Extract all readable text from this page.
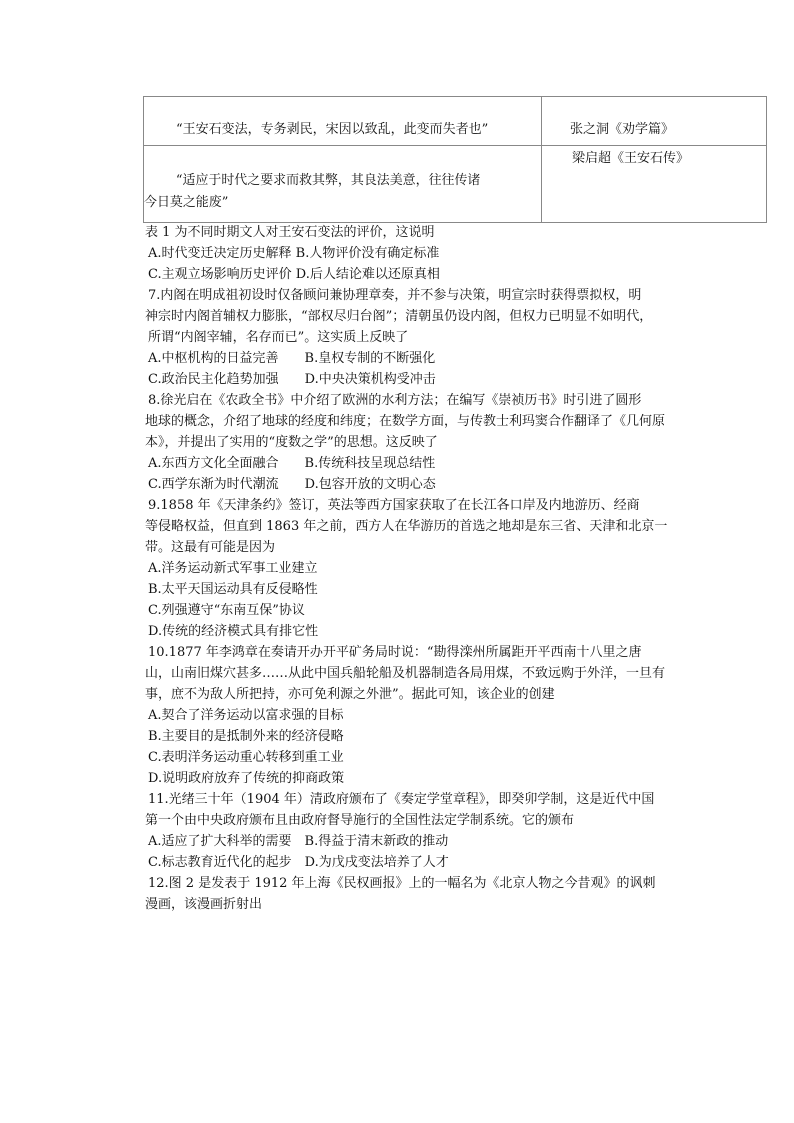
“王安石变法，专务剥民，宋因以致乱，此变而失者也”	张之洞《劝学篇》
“适应于时代之要求而救其弊，其良法美意，往往传诸 今日莫之能废”	梁启超《王安石传》
表 1 为不同时期文人对王安石变法的评价，这说明
A.时代变迁决定历史解释 B.人物评价没有确定标准
C.主观立场影响历史评价 D.后人结论难以还原真相
7.内阁在明成祖初设时仅备顾问兼协理章奏，并不参与决策，明宣宗时获得票拟权，明
神宗时内阁首辅权力膨胀，“部权尽归台阁”；清朝虽仍设内阁，但权力已明显不如明代，
所谓“内阁宰辅，名存而已”。这实质上反映了
A.中枢机构的日益完善　　B.皇权专制的不断强化
C.政治民主化趋势加强　　D.中央决策机构受冲击
8.徐光启在《农政全书》中介绍了欧洲的水利方法；在编写《崇祯历书》时引进了圆形
地球的概念，介绍了地球的经度和纬度；在数学方面，与传教士利玛窦合作翻译了《几何原
本》，并提出了实用的“度数之学”的思想。这反映了
A.东西方文化全面融合　　B.传统科技呈现总结性
C.西学东渐为时代潮流　　D.包容开放的文明心态
9.1858 年《天津条约》签订，英法等西方国家获取了在长江各口岸及内地游历、经商
等侵略权益，但直到 1863 年之前，西方人在华游历的首选之地却是东三省、天津和北京一
带。这最有可能是因为
A.洋务运动新式军事工业建立
B.太平天国运动具有反侵略性
C.列强遵守“东南互保”协议
D.传统的经济模式具有排它性
10.1877 年李鸿章在奏请开办开平矿务局时说：“勘得滦州所属距开平西南十八里之唐
山，山南旧煤穴甚多……从此中国兵船轮船及机器制造各局用煤，不致远购于外洋，一旦有
事，庶不为敌人所把持，亦可免利源之外泄”。据此可知，该企业的创建
A.契合了洋务运动以富求强的目标
B.主要目的是抵制外来的经济侵略
C.表明洋务运动重心转移到重工业
D.说明政府放弃了传统的抑商政策
11.光绪三十年（1904 年）清政府颁布了《奏定学堂章程》，即癸卯学制，这是近代中国
第一个由中央政府颁布且由政府督导施行的全国性法定学制系统。它的颁布
A.适应了扩大科举的需要　B.得益于清末新政的推动
C.标志教育近代化的起步　D.为戊戌变法培养了人才
12.图 2 是发表于 1912 年上海《民权画报》上的一幅名为《北京人物之今昔观》的讽刺
漫画，该漫画折射出
